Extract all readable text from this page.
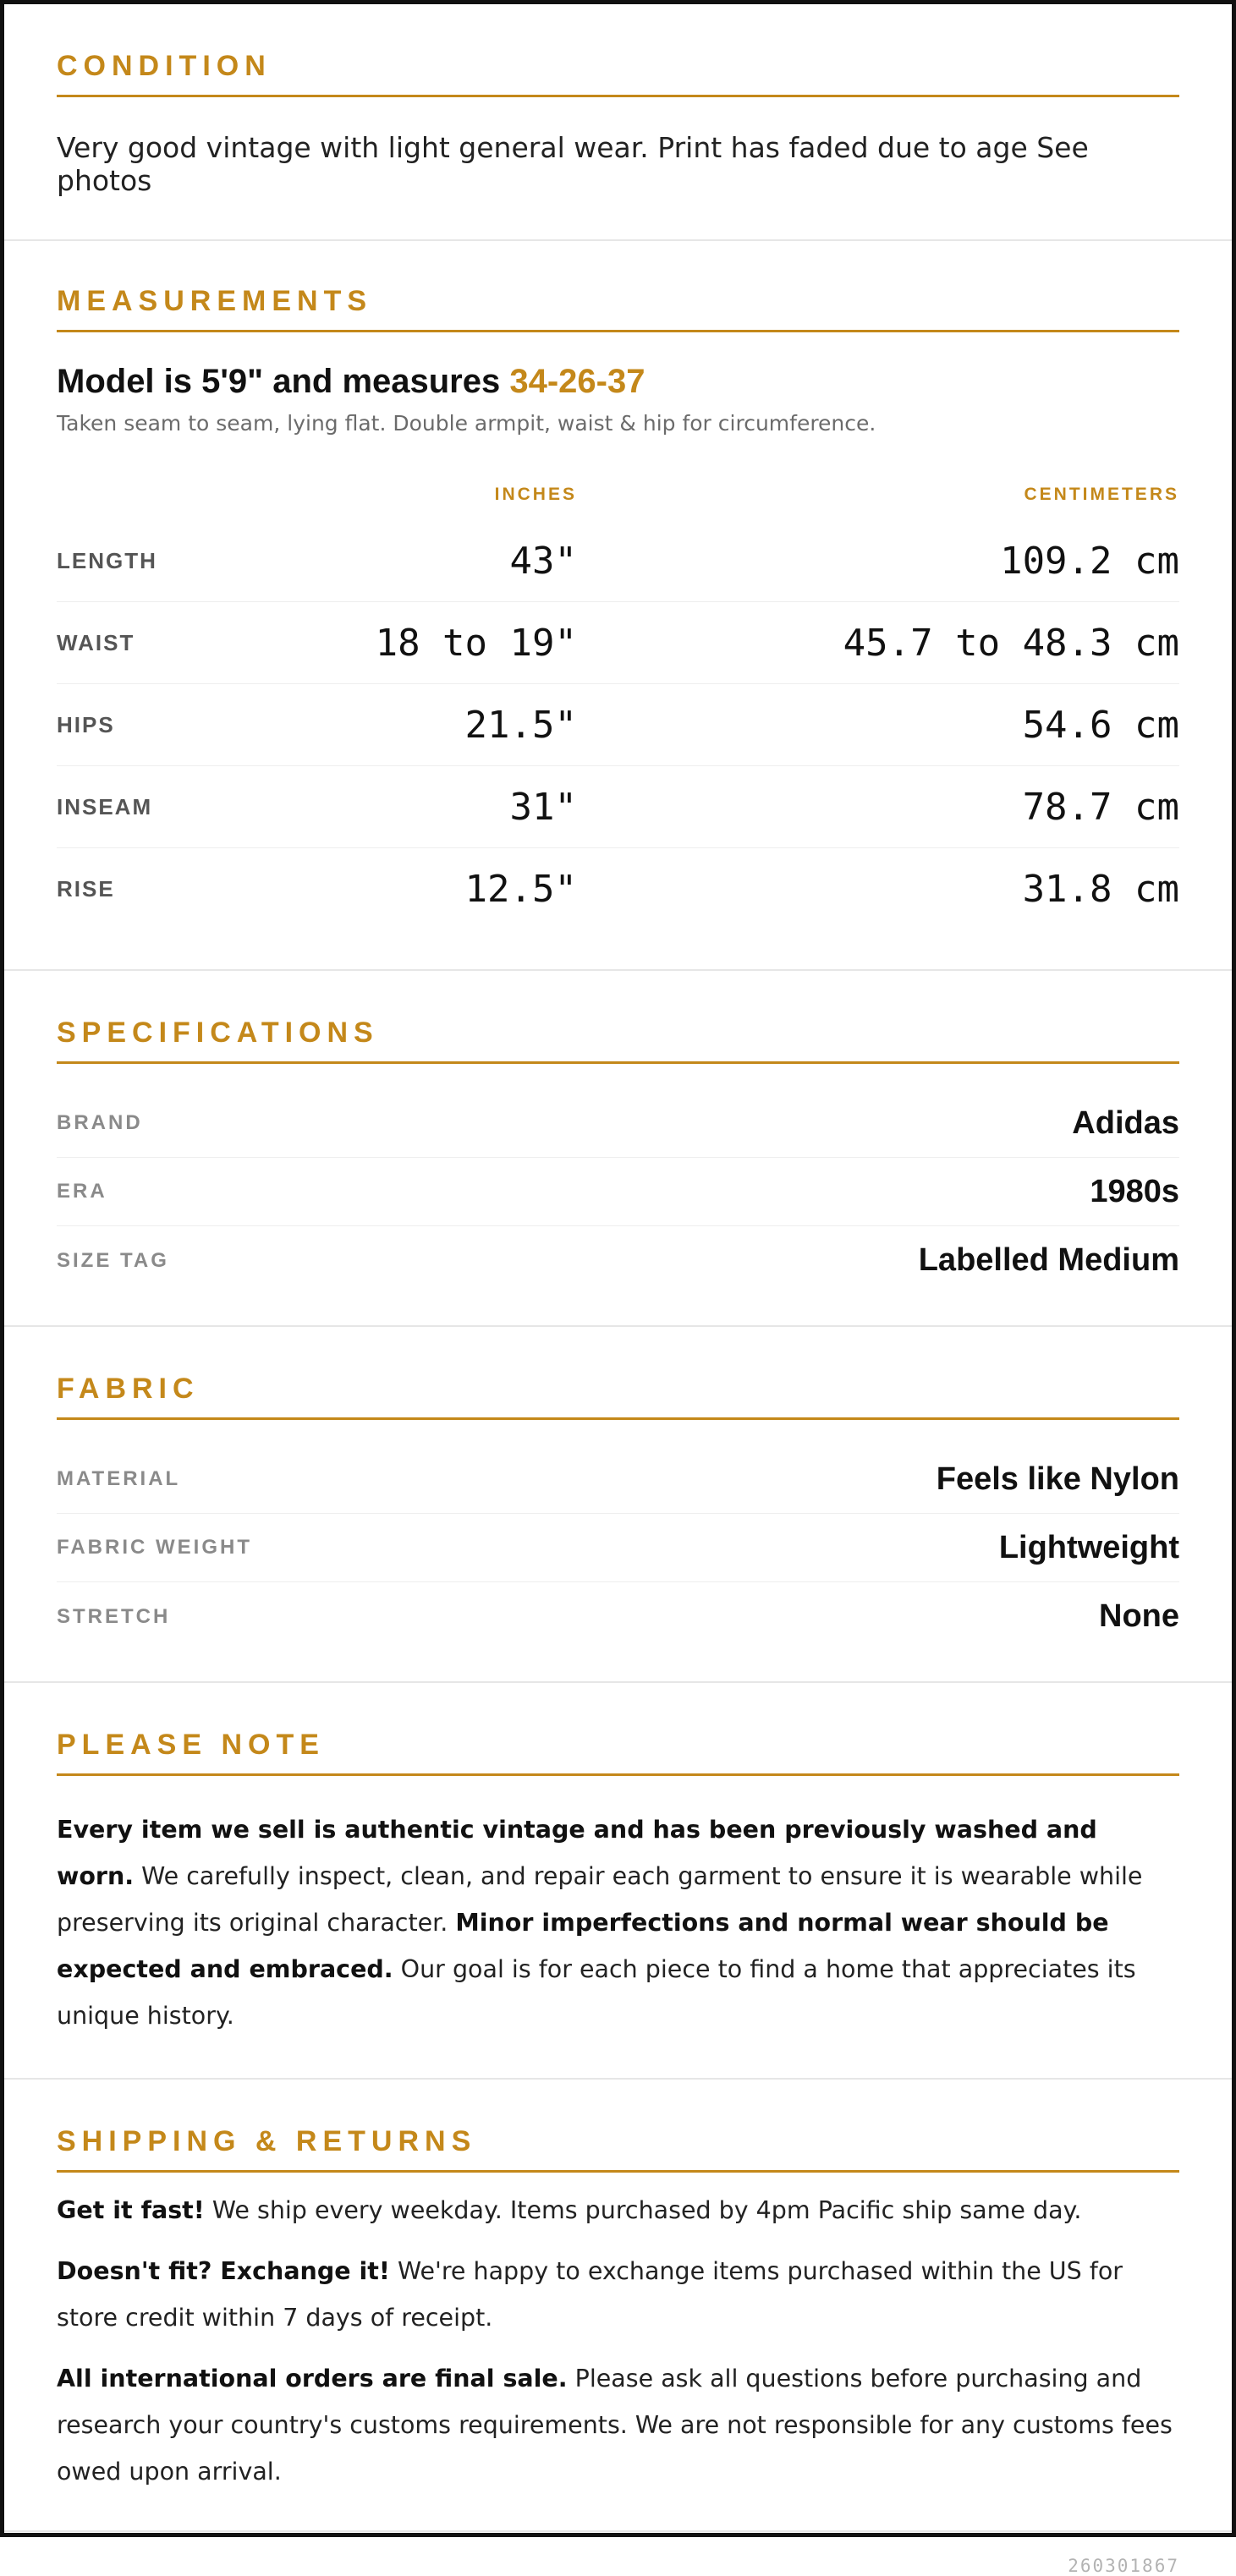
CONDITION
Very good vintage with light general wear. Print has faded due to age See photos
MEASUREMENTS
Model is 5'9" and measures 34-26-37
Taken seam to seam, lying flat. Double armpit, waist & hip for circumference.
INCHES	CENTIMETERS
LENGTH	43"	109.2 cm
WAIST	18 to 19"	45.7 to 48.3 cm
HIPS	21.5"	54.6 cm
INSEAM	31"	78.7 cm
RISE	12.5"	31.8 cm
SPECIFICATIONS
BRAND	Adidas
ERA	1980s
SIZE TAG	Labelled Medium
FABRIC
MATERIAL	Feels like Nylon
FABRIC WEIGHT	Lightweight
STRETCH	None
PLEASE NOTE
Every item we sell is authentic vintage and has been previously washed and worn. We carefully inspect, clean, and repair each garment to ensure it is wearable while preserving its original character. Minor imperfections and normal wear should be expected and embraced. Our goal is for each piece to find a home that appreciates its unique history.
SHIPPING & RETURNS

Get it fast! We ship every weekday. Items purchased by 4pm Pacific ship same day.

Doesn't fit? Exchange it! We're happy to exchange items purchased within the US for store credit within 7 days of receipt.

All international orders are final sale. Please ask all questions before purchasing and research your country's customs requirements. We are not responsible for any customs fees owed upon arrival.

260301867
